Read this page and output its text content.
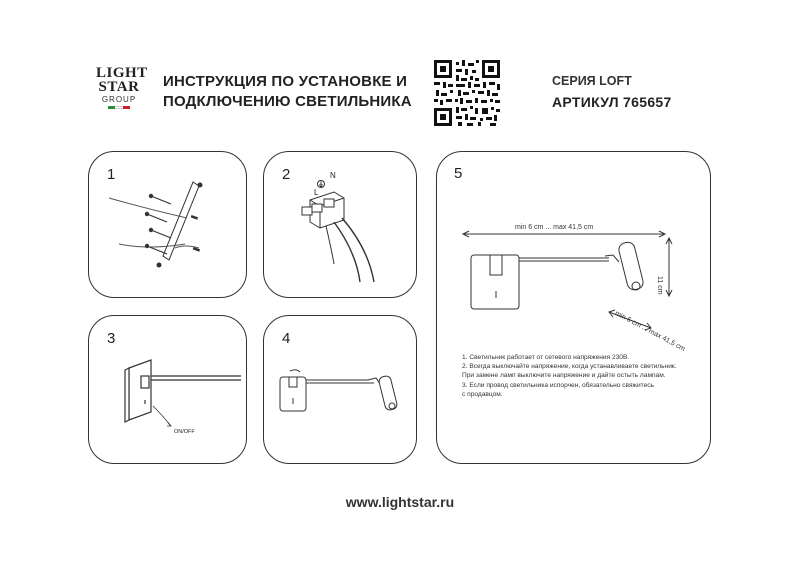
LIGHT
STAR
GROUP
ИНСТРУКЦИЯ ПО УСТАНОВКЕ И
ПОДКЛЮЧЕНИЮ СВЕТИЛЬНИКА
СЕРИЯ LOFT
АРТИКУЛ 765657
1	2
L
N
3
ON/OFF
4
5
min 6 cm ... max 41,5 cm
11 cm
min 6 cm ... max 41,5 cm
1. Светильник работает от сетевого напряжения 230В.
2. Всегда выключайте напряжение, когда устанавливаете светильник.
При замене ламп выключите напряжение и дайте остыть лампам.
3. Если провод светильника испорчен, обязательно свяжитесь
с продавцом.
www.lightstar.ru
